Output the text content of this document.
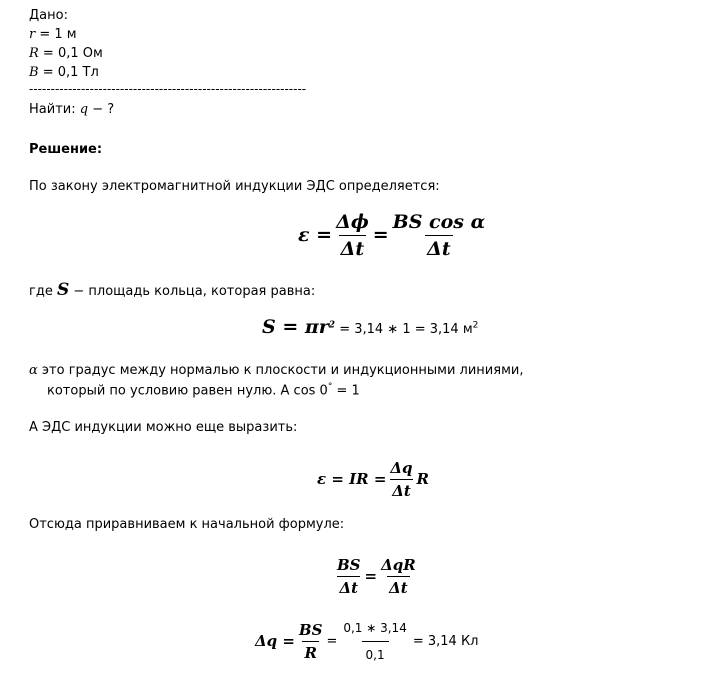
Дано:
r = 1 м
R = 0,1 Ом
B = 0,1 Тл
----------------------------------------------------------------
Найти: q − ?
Решение:
По закону электромагнитной индукции ЭДС определяется:
$\varepsilon = \frac{\Delta\phi}{\Delta t} = \frac{\text{BS cos α}}{\Delta t}$
где S − площадь кольца, которая равна:
$S = \pi r^2 = 3,14$ ∗ 1 = 3,14 $м^2$
α это градус между нормалью к плоскости и индукционными линиями,
который по условию равен нулю. А cos 0° = 1
А ЭДС индукции можно еще выразить:
ε = IR = $\frac{\Delta q}{\Delta t}$ R
Отсюда приравниваем к начальной формуле:
$\frac{BS}{\Delta t} = \frac{\text{ΔqR}}{\Delta t}$
$\Delta q = \frac{BS}{R} = \frac{0,1 ∗ 3,14}{0,1} = 3,14$ Кл
